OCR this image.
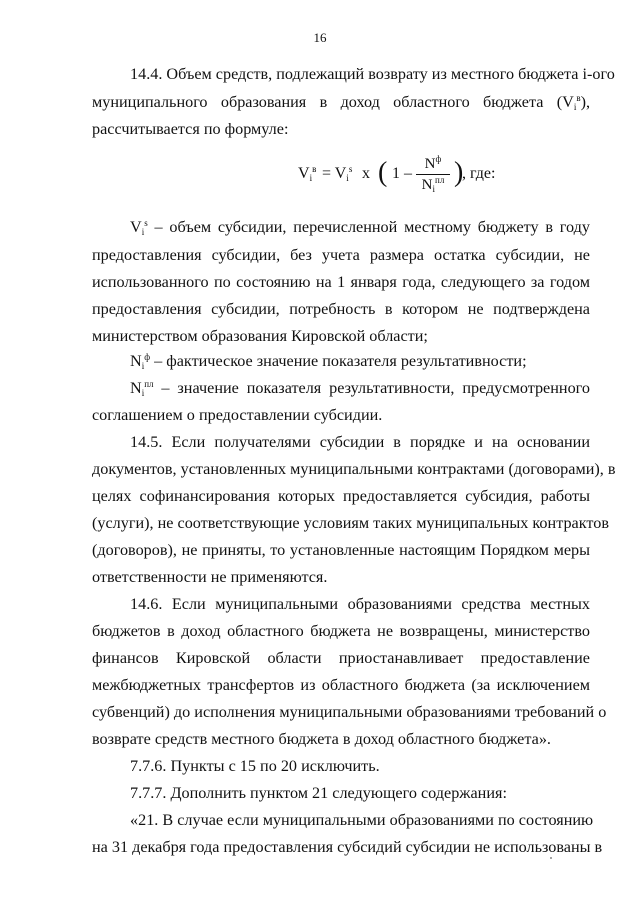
16
14.4. Объем средств, подлежащий возврату из местного бюджета i-ого
муниципального образования в доход областного бюджета $(V_i^в)$,
рассчитывается по формуле:
$V_i^в = V_i^s$ x ( 1 –
$N^ф$
$N_i^{пл}$ )
, где:
$V_i^s$ – объем субсидии, перечисленной местному бюджету в году
предоставления субсидии, без учета размера остатка субсидии, не
использованного по состоянию на 1 января года, следующего за годом
предоставления субсидии, потребность в котором не подтверждена
министерством образования Кировской области;
$N_i^ф$ – фактическое значение показателя результативности;
$N_i^{пл}$ – значение показателя результативности, предусмотренного
соглашением о предоставлении субсидии.
14.5. Если получателями субсидии в порядке и на основании
документов, установленных муниципальными контрактами (договорами), в
целях софинансирования которых предоставляется субсидия, работы
(услуги), не соответствующие условиям таких муниципальных контрактов
(договоров), не приняты, то установленные настоящим Порядком меры
ответственности не применяются.
14.6. Если муниципальными образованиями средства местных
бюджетов в доход областного бюджета не возвращены, министерство
финансов Кировской области приостанавливает предоставление
межбюджетных трансфертов из областного бюджета (за исключением
субвенций) до исполнения муниципальными образованиями требований о
возврате средств местного бюджета в доход областного бюджета».
7.7.6. Пункты с 15 по 20 исключить.
7.7.7. Дополнить пунктом 21 следующего содержания:
«21. В случае если муниципальными образованиями по состоянию
на 31 декабря года предоставления субсидий субсидии не использованы в
